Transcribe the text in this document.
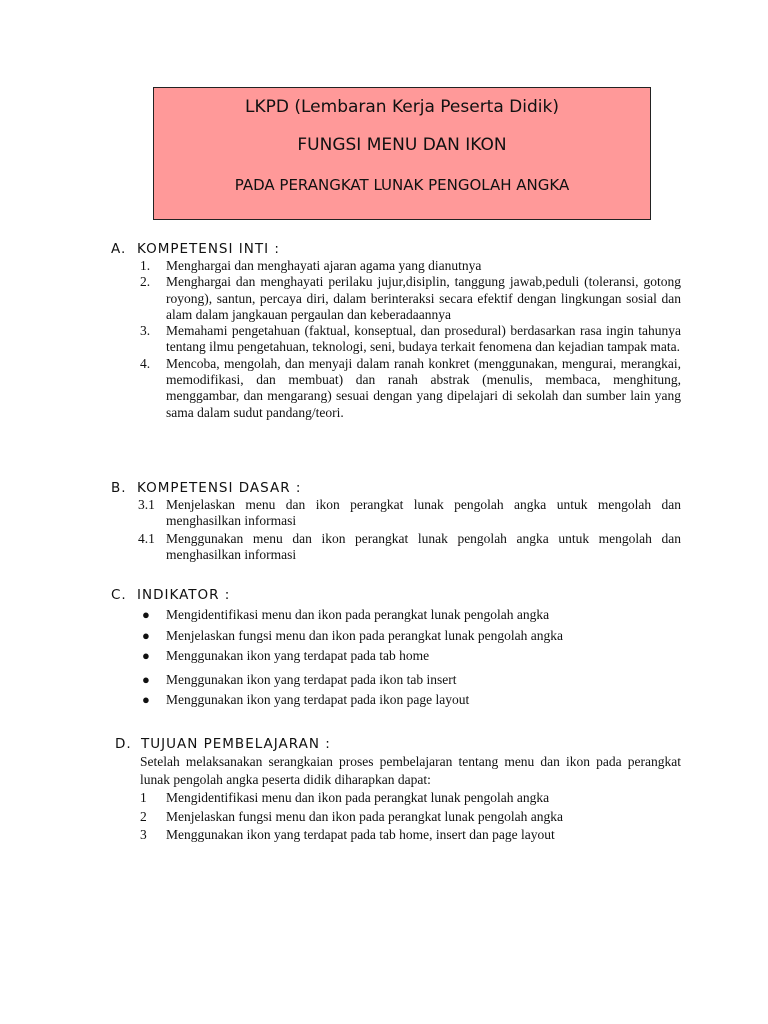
LKPD (Lembaran Kerja Peserta Didik)
FUNGSI MENU DAN IKON
PADA PERANGKAT LUNAK PENGOLAH ANGKA
A. KOMPETENSI INTI :
1.	Menghargai dan menghayati ajaran agama yang dianutnya
2.	Menghargai dan menghayati perilaku jujur,disiplin, tanggung jawab,peduli (toleransi, gotong royong), santun, percaya diri, dalam berinteraksi secara efektif dengan lingkungan sosial dan alam dalam jangkauan pergaulan dan keberadaannya
3.	Memahami pengetahuan (faktual, konseptual, dan prosedural) berdasarkan rasa ingin tahunya tentang ilmu pengetahuan, teknologi, seni, budaya terkait fenomena dan kejadian tampak mata.
4.	Mencoba, mengolah, dan menyaji dalam ranah konkret (menggunakan, mengurai, merangkai, memodifikasi, dan membuat) dan ranah abstrak (menulis, membaca, menghitung, menggambar, dan mengarang) sesuai dengan yang dipelajari di sekolah dan sumber lain yang sama dalam sudut pandang/teori.
B. KOMPETENSI DASAR :
3.1 Menjelaskan menu dan ikon perangkat lunak pengolah angka untuk mengolah dan menghasilkan informasi
4.1 Menggunakan menu dan ikon perangkat lunak pengolah angka untuk mengolah dan menghasilkan informasi
C. INDIKATOR :
● Mengidentifikasi menu dan ikon pada perangkat lunak pengolah angka
● Menjelaskan fungsi menu dan ikon pada perangkat lunak pengolah angka
● Menggunakan ikon yang terdapat pada tab home
● Menggunakan ikon yang terdapat pada ikon tab insert
● Menggunakan ikon yang terdapat pada ikon page layout
D. TUJUAN PEMBELAJARAN :
Setelah melaksanakan serangkaian proses pembelajaran tentang menu dan ikon pada perangkat lunak pengolah angka peserta didik diharapkan dapat:
1 Mengidentifikasi menu dan ikon pada perangkat lunak pengolah angka
2 Menjelaskan fungsi menu dan ikon pada perangkat lunak pengolah angka
3 Menggunakan ikon yang terdapat pada tab home, insert dan page layout
